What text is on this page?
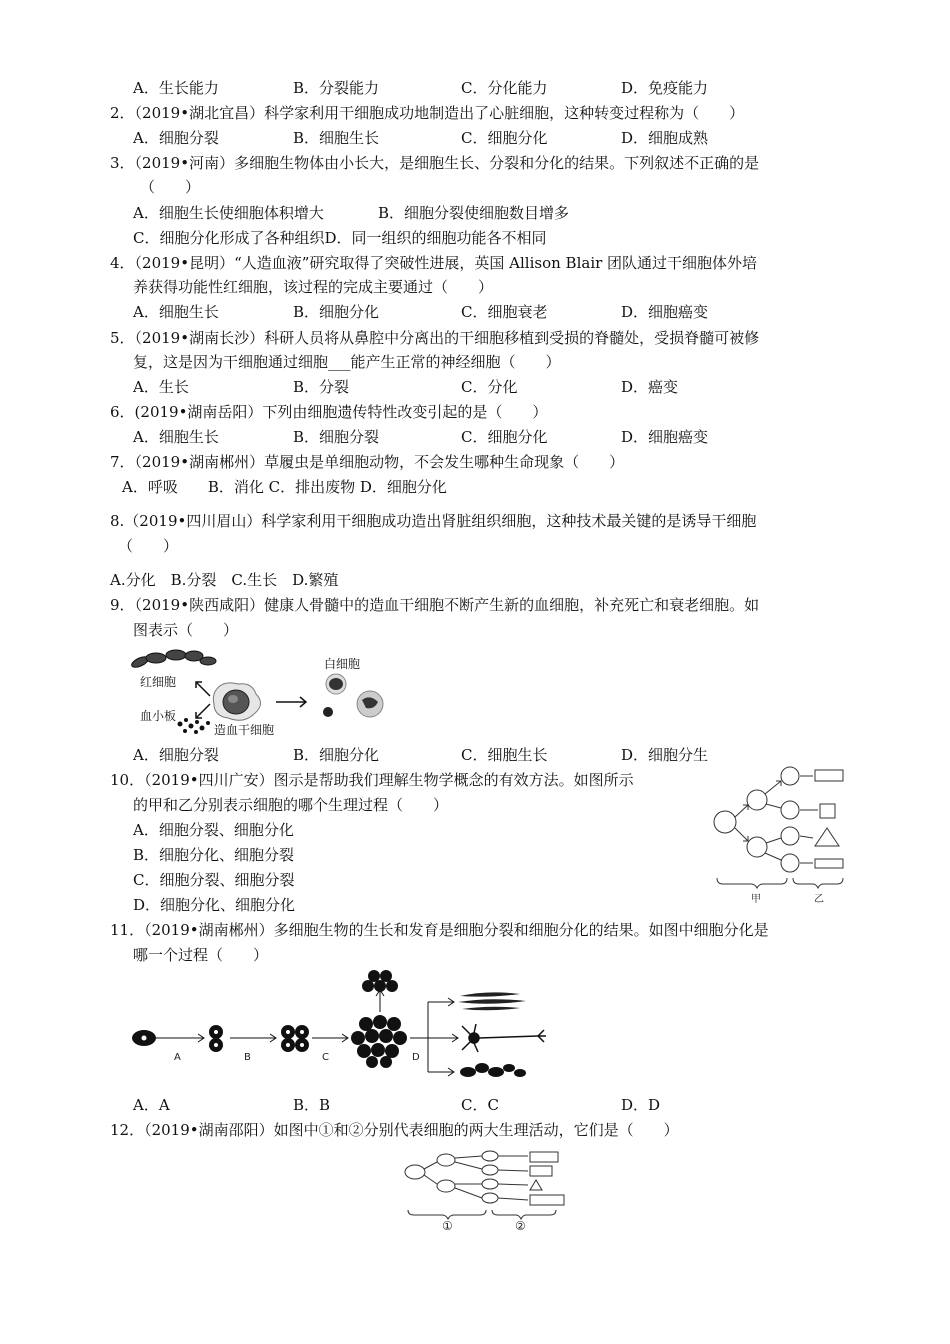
A．生长能力	B．分裂能力	C．分化能力	D．免疫能力
2．（2019•湖北宜昌）科学家利用干细胞成功地制造出了心脏细胞，这种转变过程称为（　　）
A．细胞分裂	B．细胞生长	C．细胞分化	D．细胞成熟
3．（2019•河南）多细胞生物体由小长大，是细胞生长、分裂和分化的结果。下列叙述不正确的是
（　　）
A．细胞生长使细胞体积增大	B．细胞分裂使细胞数目增多
C．细胞分化形成了各种组织D．同一组织的细胞功能各不相同
4．（2019•昆明）“人造血液”研究取得了突破性进展，英国 Allison Blair 团队通过干细胞体外培
养获得功能性红细胞，该过程的完成主要通过（　　）
A．细胞生长	B．细胞分化	C．细胞衰老	D．细胞癌变
5．（2019•湖南长沙）科研人员将从鼻腔中分离出的干细胞移植到受损的脊髓处，受损脊髓可被修
复，这是因为干细胞通过细胞___能产生正常的神经细胞（　　）
A．生长	B．分裂	C．分化	D．癌变
6．(2019•湖南岳阳）下列由细胞遗传特性改变引起的是（　　）
A．细胞生长	B．细胞分裂	C．细胞分化	D．细胞癌变
7．（2019•湖南郴州）草履虫是单细胞动物，不会发生哪种生命现象（　　）
A．呼吸　　B．消化 C．排出废物 D．细胞分化
8.（2019•四川眉山）科学家利用干细胞成功造出肾脏组织细胞，这种技术最关键的是诱导干细胞
（　　）
A.分化　B.分裂　C.生长　D.繁殖
9．（2019•陕西咸阳）健康人骨髓中的造血干细胞不断产生新的血细胞，补充死亡和衰老细胞。如
图表示（　　）
红细胞
血小板
造血干细胞
白细胞
A．细胞分裂	B．细胞分化	C．细胞生长	D．细胞分生
10．（2019•四川广安）图示是帮助我们理解生物学概念的有效方法。如图所示
的甲和乙分别表示细胞的哪个生理过程（　　）
A．细胞分裂、细胞分化
B．细胞分化、细胞分裂
C．细胞分裂、细胞分裂
D．细胞分化、细胞分化	甲	乙
11．（2019•湖南郴州）多细胞生物的生长和发育是细胞分裂和细胞分化的结果。如图中细胞分化是
哪一个过程（　　）
A	B	C	D
A．A	B．B	C．C	D．D
12．（2019•湖南邵阳）如图中①和②分别代表细胞的两大生理活动，它们是（　　）
①	②
